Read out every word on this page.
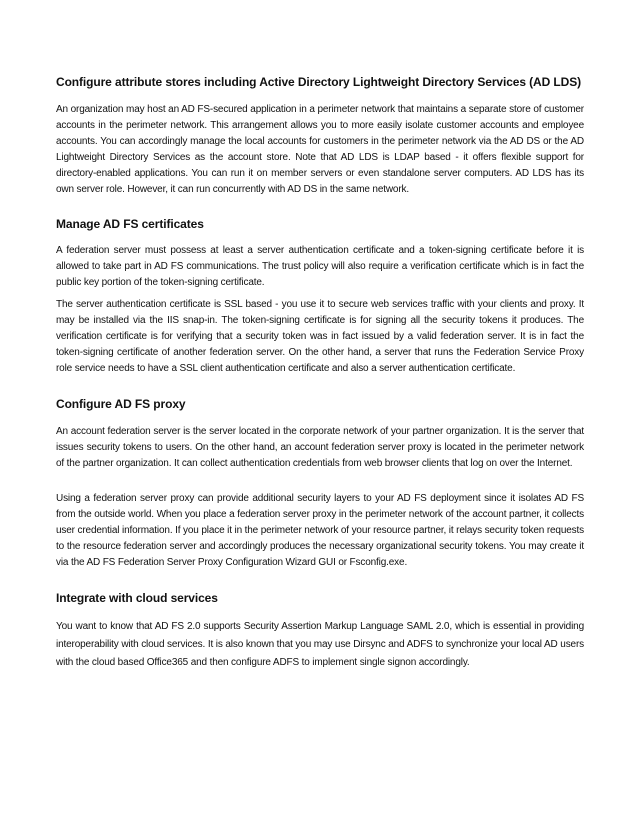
Configure attribute stores including Active Directory Lightweight Directory Services (AD LDS)

An organization may host an AD FS-secured application in a perimeter network that maintains a separate store of customer accounts in the perimeter network. This arrangement allows you to more easily isolate customer accounts and employee accounts. You can accordingly manage the local accounts for customers in the perimeter network via the AD DS or the AD Lightweight Directory Services as the account store. Note that AD LDS is LDAP based - it offers flexible support for directory-enabled applications. You can run it on member servers or even standalone server computers. AD LDS has its own server role. However, it can run concurrently with AD DS in the same network.

Manage AD FS certificates

A federation server must possess at least a server authentication certificate and a token-signing certificate before it is allowed to take part in AD FS communications. The trust policy will also require a verification certificate which is in fact the public key portion of the token-signing certificate.

The server authentication certificate is SSL based - you use it to secure web services traffic with your clients and proxy. It may be installed via the IIS snap-in. The token-signing certificate is for signing all the security tokens it produces. The verification certificate is for verifying that a security token was in fact issued by a valid federation server. It is in fact the token-signing certificate of another federation server. On the other hand, a server that runs the Federation Service Proxy role service needs to have a SSL client authentication certificate and also a server authentication certificate.

Configure AD FS proxy

An account federation server is the server located in the corporate network of your partner organization. It is the server that issues security tokens to users. On the other hand, an account federation server proxy is located in the perimeter network of the partner organization. It can collect authentication credentials from web browser clients that log on over the Internet.

Using a federation server proxy can provide additional security layers to your AD FS deployment since it isolates AD FS from the outside world. When you place a federation server proxy in the perimeter network of the account partner, it collects user credential information. If you place it in the perimeter network of your resource partner, it relays security token requests to the resource federation server and accordingly produces the necessary organizational security tokens. You may create it via the AD FS Federation Server Proxy Configuration Wizard GUI or Fsconfig.exe.

Integrate with cloud services

You want to know that AD FS 2.0 supports Security Assertion Markup Language SAML 2.0, which is essential in providing interoperability with cloud services. It is also known that you may use Dirsync and ADFS to synchronize your local AD users with the cloud based Office365 and then configure ADFS to implement single signon accordingly.
